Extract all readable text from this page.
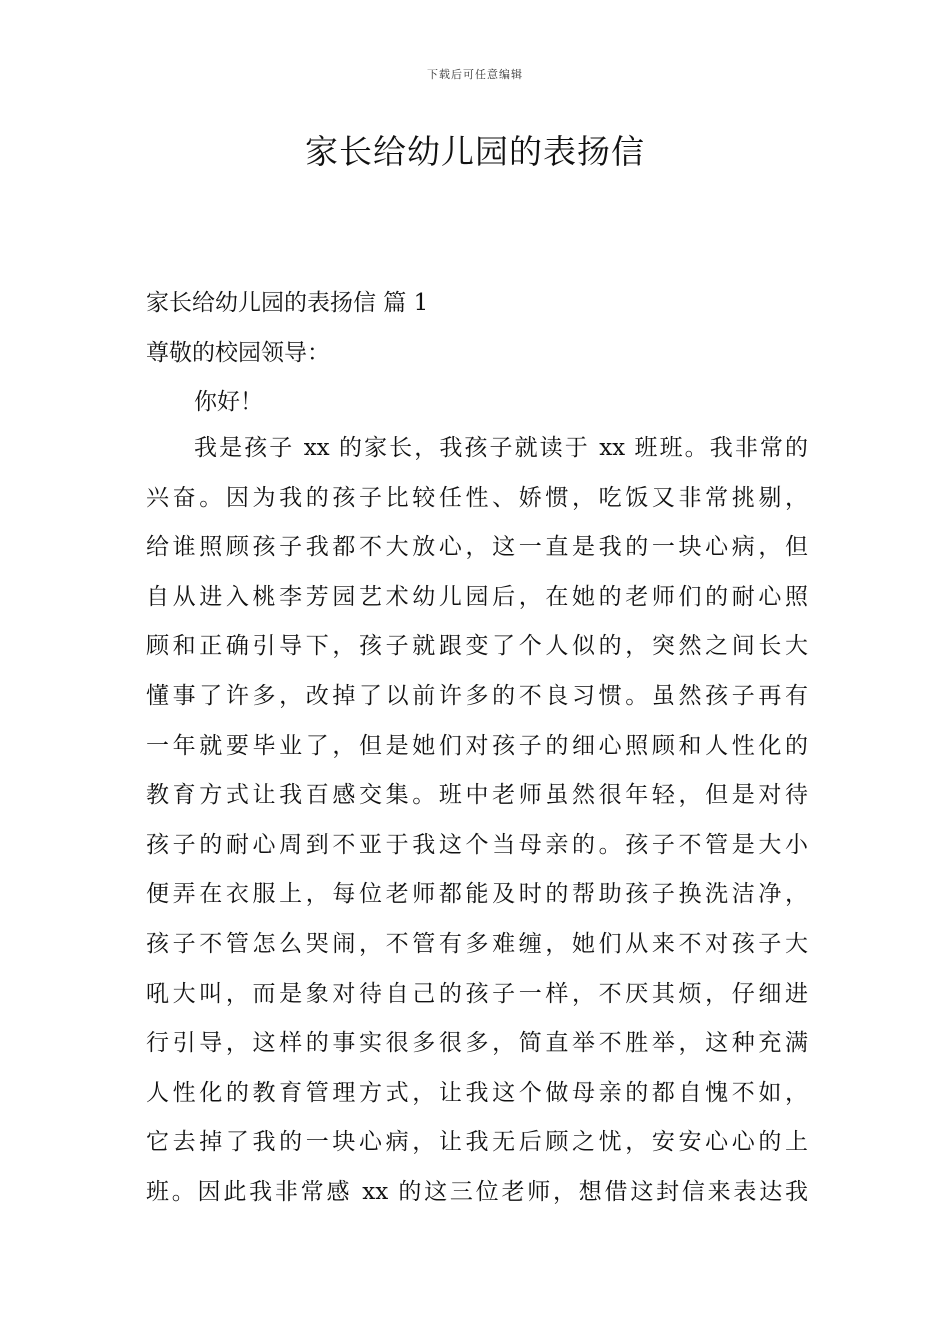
下载后可任意编辑
家长给幼儿园的表扬信
家长给幼儿园的表扬信 篇 1
尊敬的校园领导：
你好！
我是孩子 xx 的家长，我孩子就读于 xx 班班。我非常的
兴奋。因为我的孩子比较任性、娇惯，吃饭又非常挑剔，
给谁照顾孩子我都不大放心，这一直是我的一块心病，但
自从进入桃李芳园艺术幼儿园后，在她的老师们的耐心照
顾和正确引导下，孩子就跟变了个人似的，突然之间长大
懂事了许多，改掉了以前许多的不良习惯。虽然孩子再有
一年就要毕业了，但是她们对孩子的细心照顾和人性化的
教育方式让我百感交集。班中老师虽然很年轻，但是对待
孩子的耐心周到不亚于我这个当母亲的。孩子不管是大小
便弄在衣服上，每位老师都能及时的帮助孩子换洗洁净，
孩子不管怎么哭闹，不管有多难缠，她们从来不对孩子大
吼大叫，而是象对待自己的孩子一样，不厌其烦，仔细进
行引导，这样的事实很多很多，简直举不胜举，这种充满
人性化的教育管理方式，让我这个做母亲的都自愧不如，
它去掉了我的一块心病，让我无后顾之忧，安安心心的上
班。因此我非常感 xx 的这三位老师，想借这封信来表达我
